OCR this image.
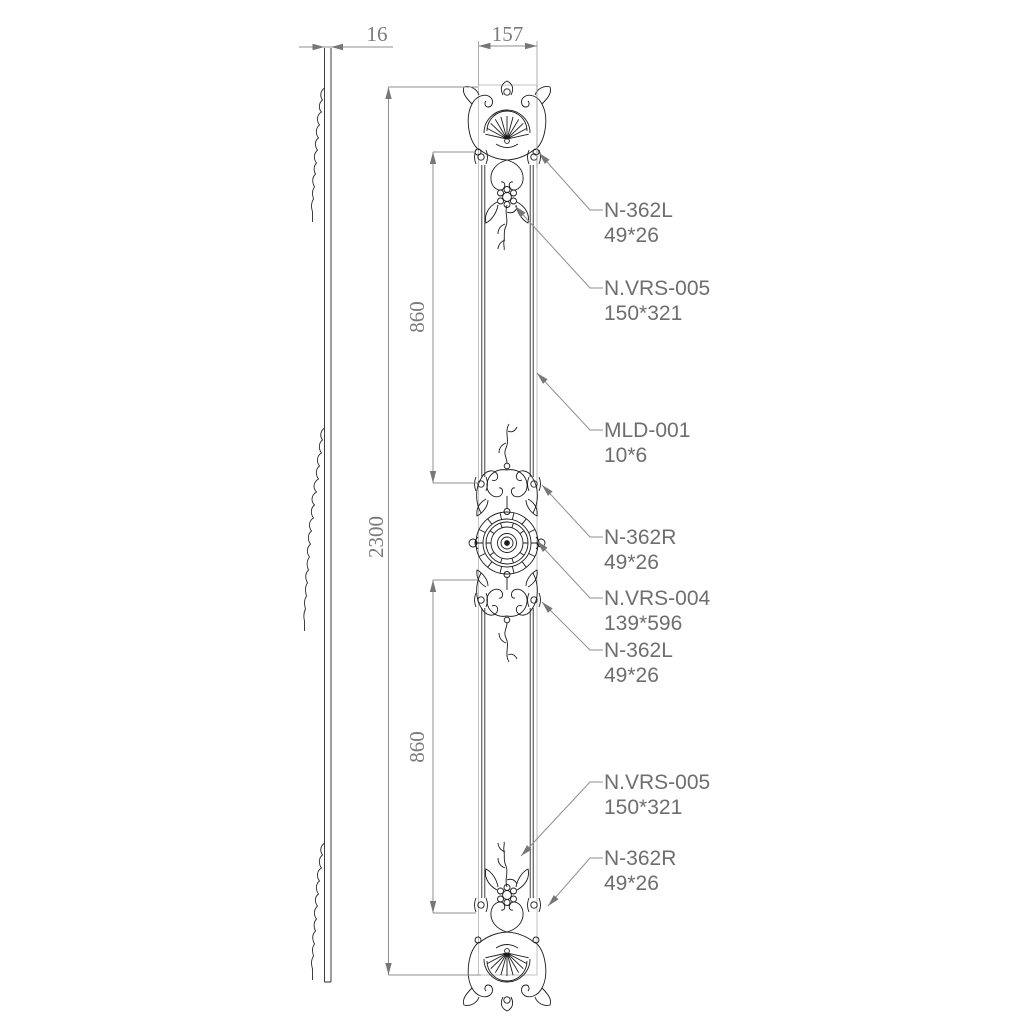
16	157
2300
860
860
N-362L
49*26
N.VRS-005
150*321
MLD-001
10*6
N-362R
49*26
N.VRS-004
139*596
N-362L
49*26
N.VRS-005
150*321
N-362R
49*26
